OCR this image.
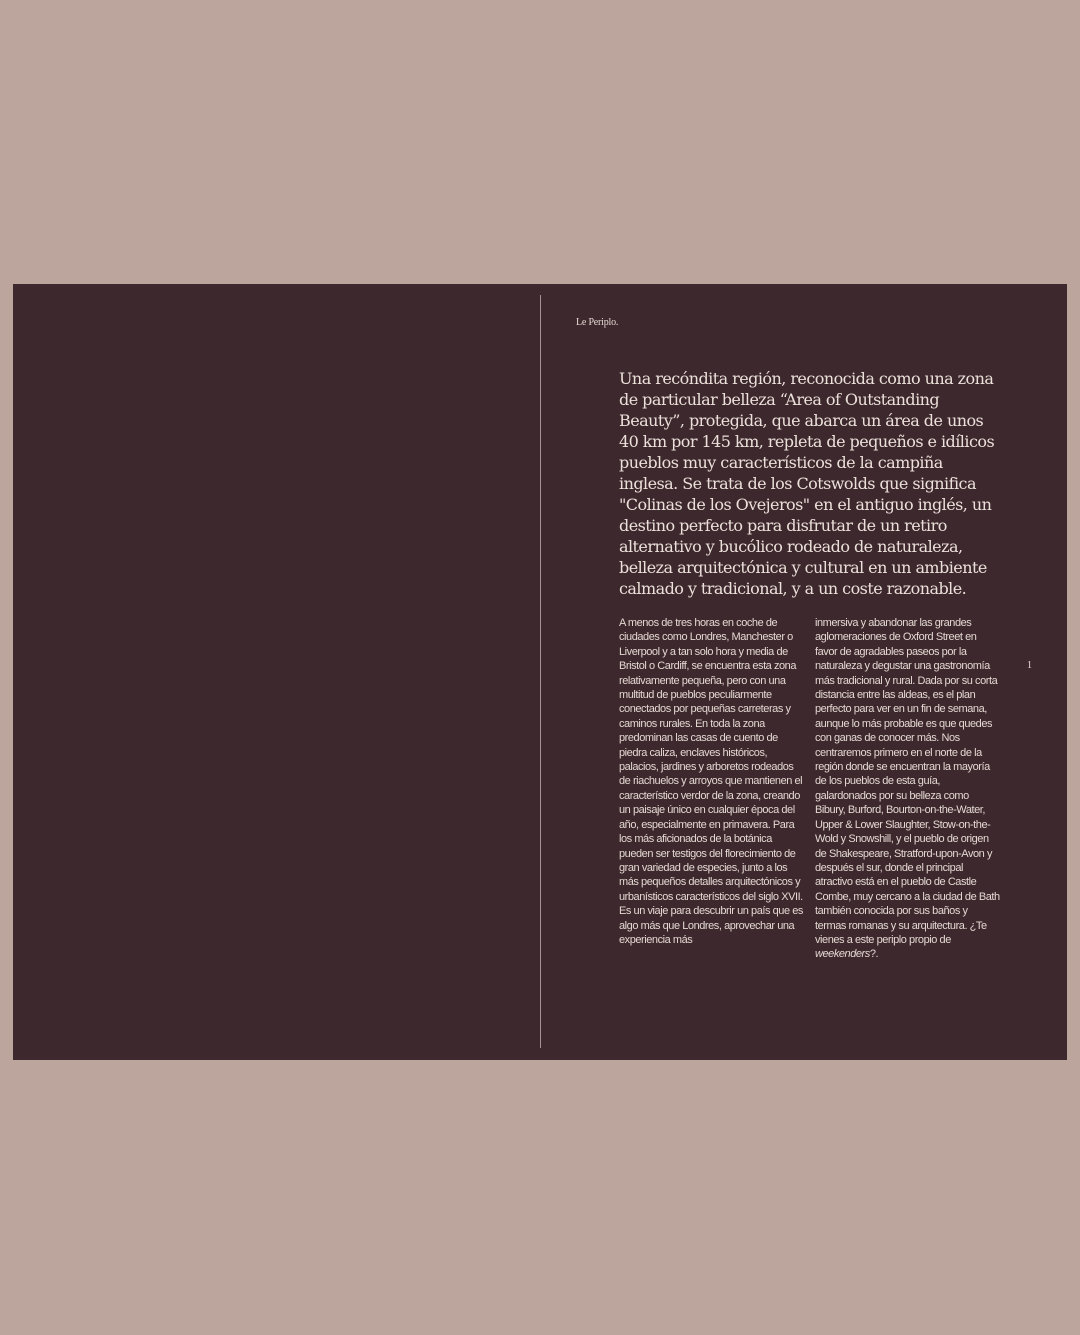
Le Periplo.

Una recóndita región, reconocida como una zona de particular belleza “Area of Outstanding Beauty”, protegida, que abarca un área de unos 40 km por 145 km, repleta de pequeños e idílicos pueblos muy característicos de la campiña inglesa. Se trata de los Cotswolds que significa "Colinas de los Ovejeros" en el antiguo inglés, un destino perfecto para disfrutar de un retiro alternativo y bucólico rodeado de naturaleza, belleza arquitectónica y cultural en un ambiente calmado y tradicional, y a un coste razonable.

A menos de tres horas en coche de ciudades como Londres, Manchester o Liverpool y a tan solo hora y media de Bristol o Cardiff, se encuentra esta zona relativamente pequeña, pero con una multitud de pueblos peculiarmente conectados por pequeñas carreteras y caminos rurales. En toda la zona predominan las casas de cuento de piedra caliza, enclaves históricos, palacios, jardines y arboretos rodeados de riachuelos y arroyos que mantienen el característico verdor de la zona, creando un paisaje único en cualquier época del año, especialmente en primavera. Para los más aficionados de la botánica pueden ser testigos del florecimiento de gran variedad de especies, junto a los más pequeños detalles arquitectónicos y urbanísticos característicos del siglo XVII.

Es un viaje para descubrir un país que es algo más que Londres, aprovechar una experiencia más

inmersiva y abandonar las grandes aglomeraciones de Oxford Street en favor de agradables paseos por la naturaleza y degustar una gastronomía más tradicional y rural. Dada por su corta distancia entre las aldeas, es el plan perfecto para ver en un fin de semana, aunque lo más probable es que quedes con ganas de conocer más. Nos centraremos primero en el norte de la región donde se encuentran la mayoría de los pueblos de esta guía, galardonados por su belleza como Bibury, Burford, Bourton-on-the-Water, Upper & Lower Slaughter, Stow-on-the-Wold y Snowshill, y el pueblo de origen de Shakespeare, Stratford-upon-Avon y después el sur, donde el principal atractivo está en el pueblo de Castle Combe, muy cercano a la ciudad de Bath también conocida por sus baños y termas romanas y su arquitectura. ¿Te vienes a este periplo propio de weekenders?.

1
